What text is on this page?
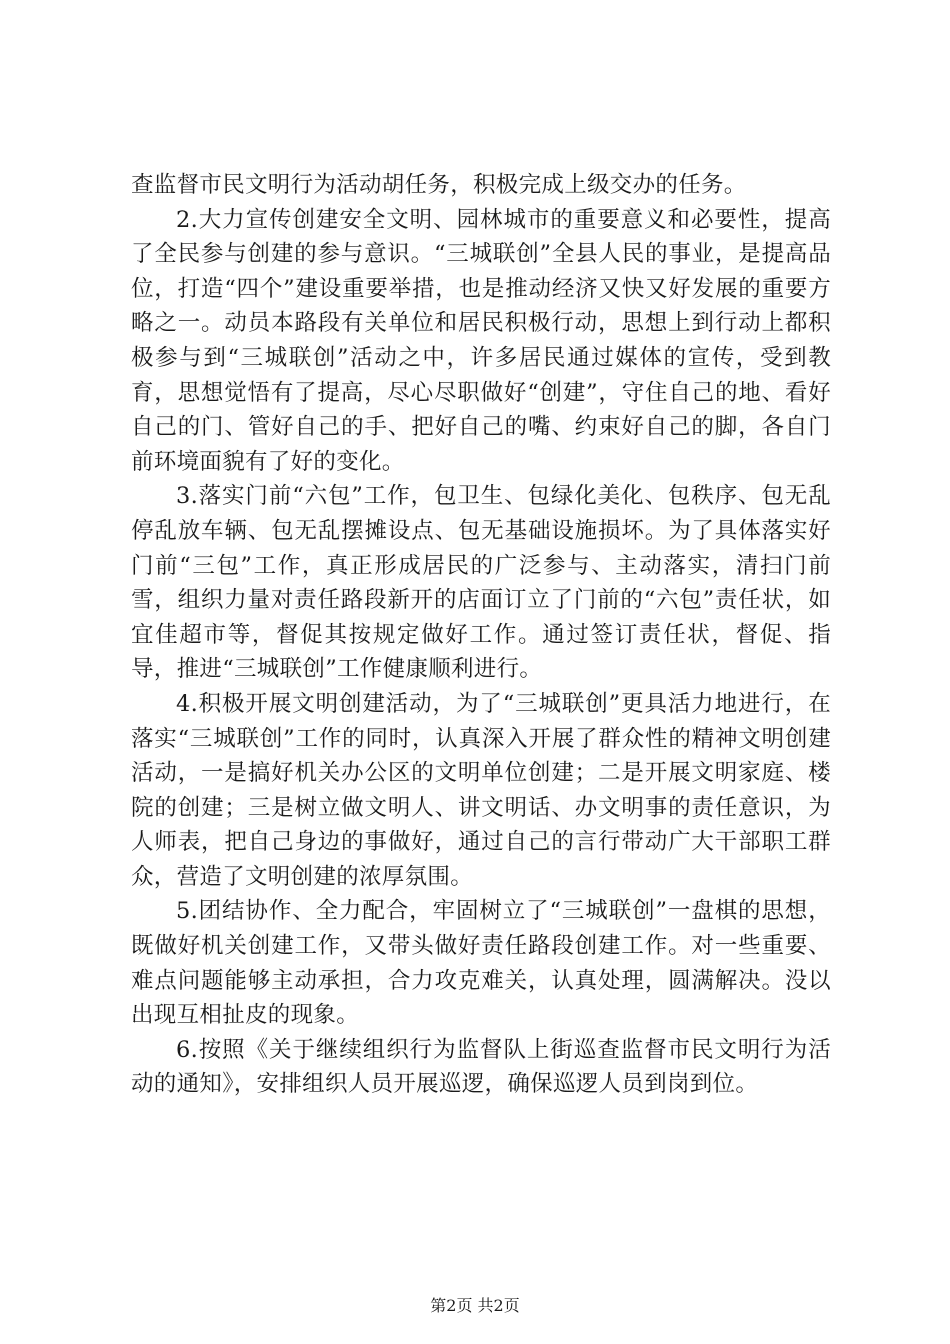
查监督市民文明行为活动胡任务，积极完成上级交办的任务。

2.大力宣传创建安全文明、园林城市的重要意义和必要性，提高了全民参与创建的参与意识。“三城联创”全县人民的事业，是提高品位，打造“四个”建设重要举措，也是推动经济又快又好发展的重要方略之一。动员本路段有关单位和居民积极行动，思想上到行动上都积极参与到“三城联创”活动之中，许多居民通过媒体的宣传，受到教育，思想觉悟有了提高，尽心尽职做好“创建”，守住自己的地、看好自己的门、管好自己的手、把好自己的嘴、约束好自己的脚，各自门前环境面貌有了好的变化。

3.落实门前“六包”工作，包卫生、包绿化美化、包秩序、包无乱停乱放车辆、包无乱摆摊设点、包无基础设施损坏。为了具体落实好门前“三包”工作，真正形成居民的广泛参与、主动落实，清扫门前雪，组织力量对责任路段新开的店面订立了门前的“六包”责任状，如宜佳超市等，督促其按规定做好工作。通过签订责任状，督促、指导，推进“三城联创”工作健康顺利进行。

4.积极开展文明创建活动，为了“三城联创”更具活力地进行，在落实“三城联创”工作的同时，认真深入开展了群众性的精神文明创建活动，一是搞好机关办公区的文明单位创建；二是开展文明家庭、楼院的创建；三是树立做文明人、讲文明话、办文明事的责任意识，为人师表，把自己身边的事做好，通过自己的言行带动广大干部职工群众，营造了文明创建的浓厚氛围。

5.团结协作、全力配合，牢固树立了“三城联创”一盘棋的思想，既做好机关创建工作，又带头做好责任路段创建工作。对一些重要、难点问题能够主动承担，合力攻克难关，认真处理，圆满解决。没以出现互相扯皮的现象。

6.按照《关于继续组织行为监督队上街巡查监督市民文明行为活动的通知》，安排组织人员开展巡逻，确保巡逻人员到岗到位。

第2页 共2页
